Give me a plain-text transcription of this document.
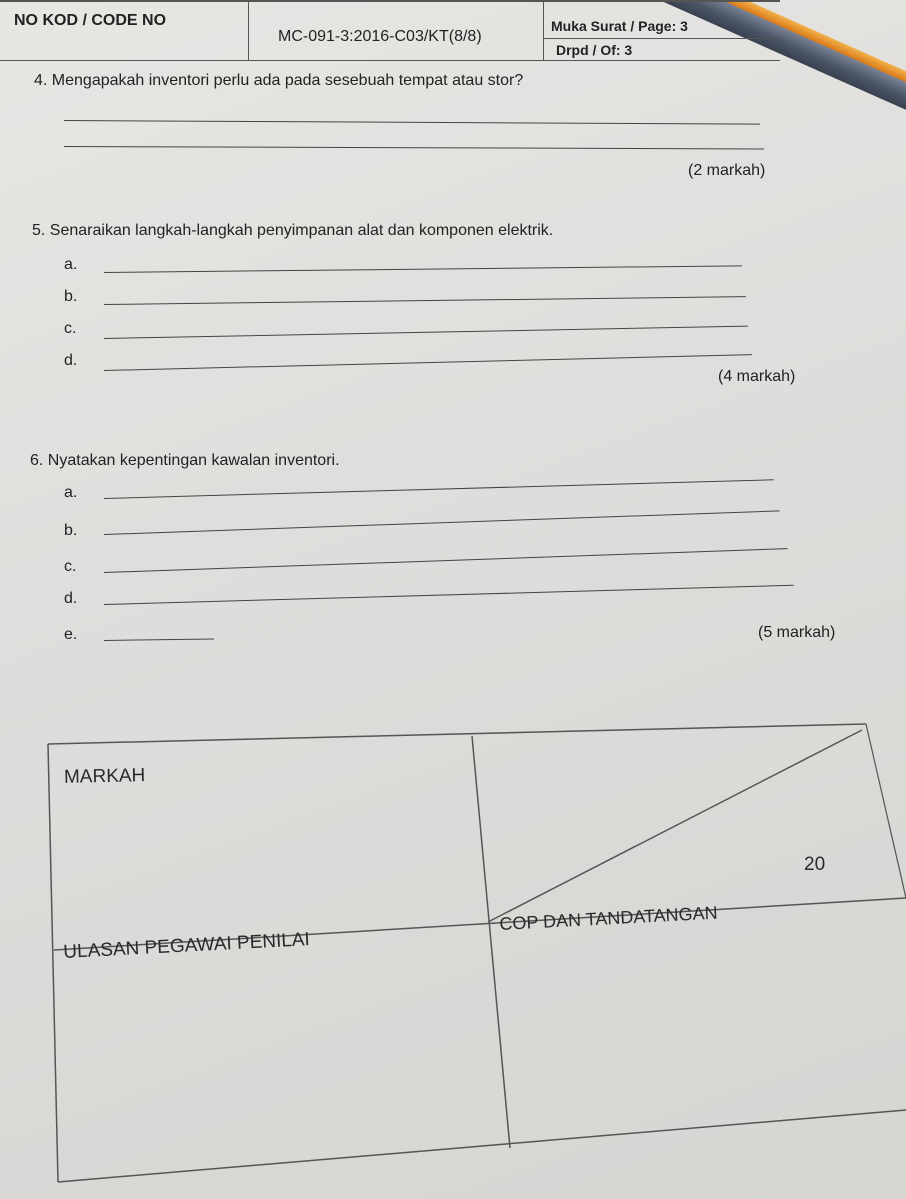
NO KOD / CODE NO
MC-091-3:2016-C03/KT(8/8)
Muka Surat / Page: 3
Drpd / Of: 3
4. Mengapakah inventori perlu ada pada sesebuah tempat atau stor?
(2 markah)
5. Senaraikan langkah-langkah penyimpanan alat dan komponen elektrik.
a.
b.
c.
d.
(4 markah)
6. Nyatakan kepentingan kawalan inventori.
a.
b.
c.
d.
e.	(5 markah)
MARKAH
20
ULASAN PEGAWAI PENILAI
COP DAN TANDATANGAN
